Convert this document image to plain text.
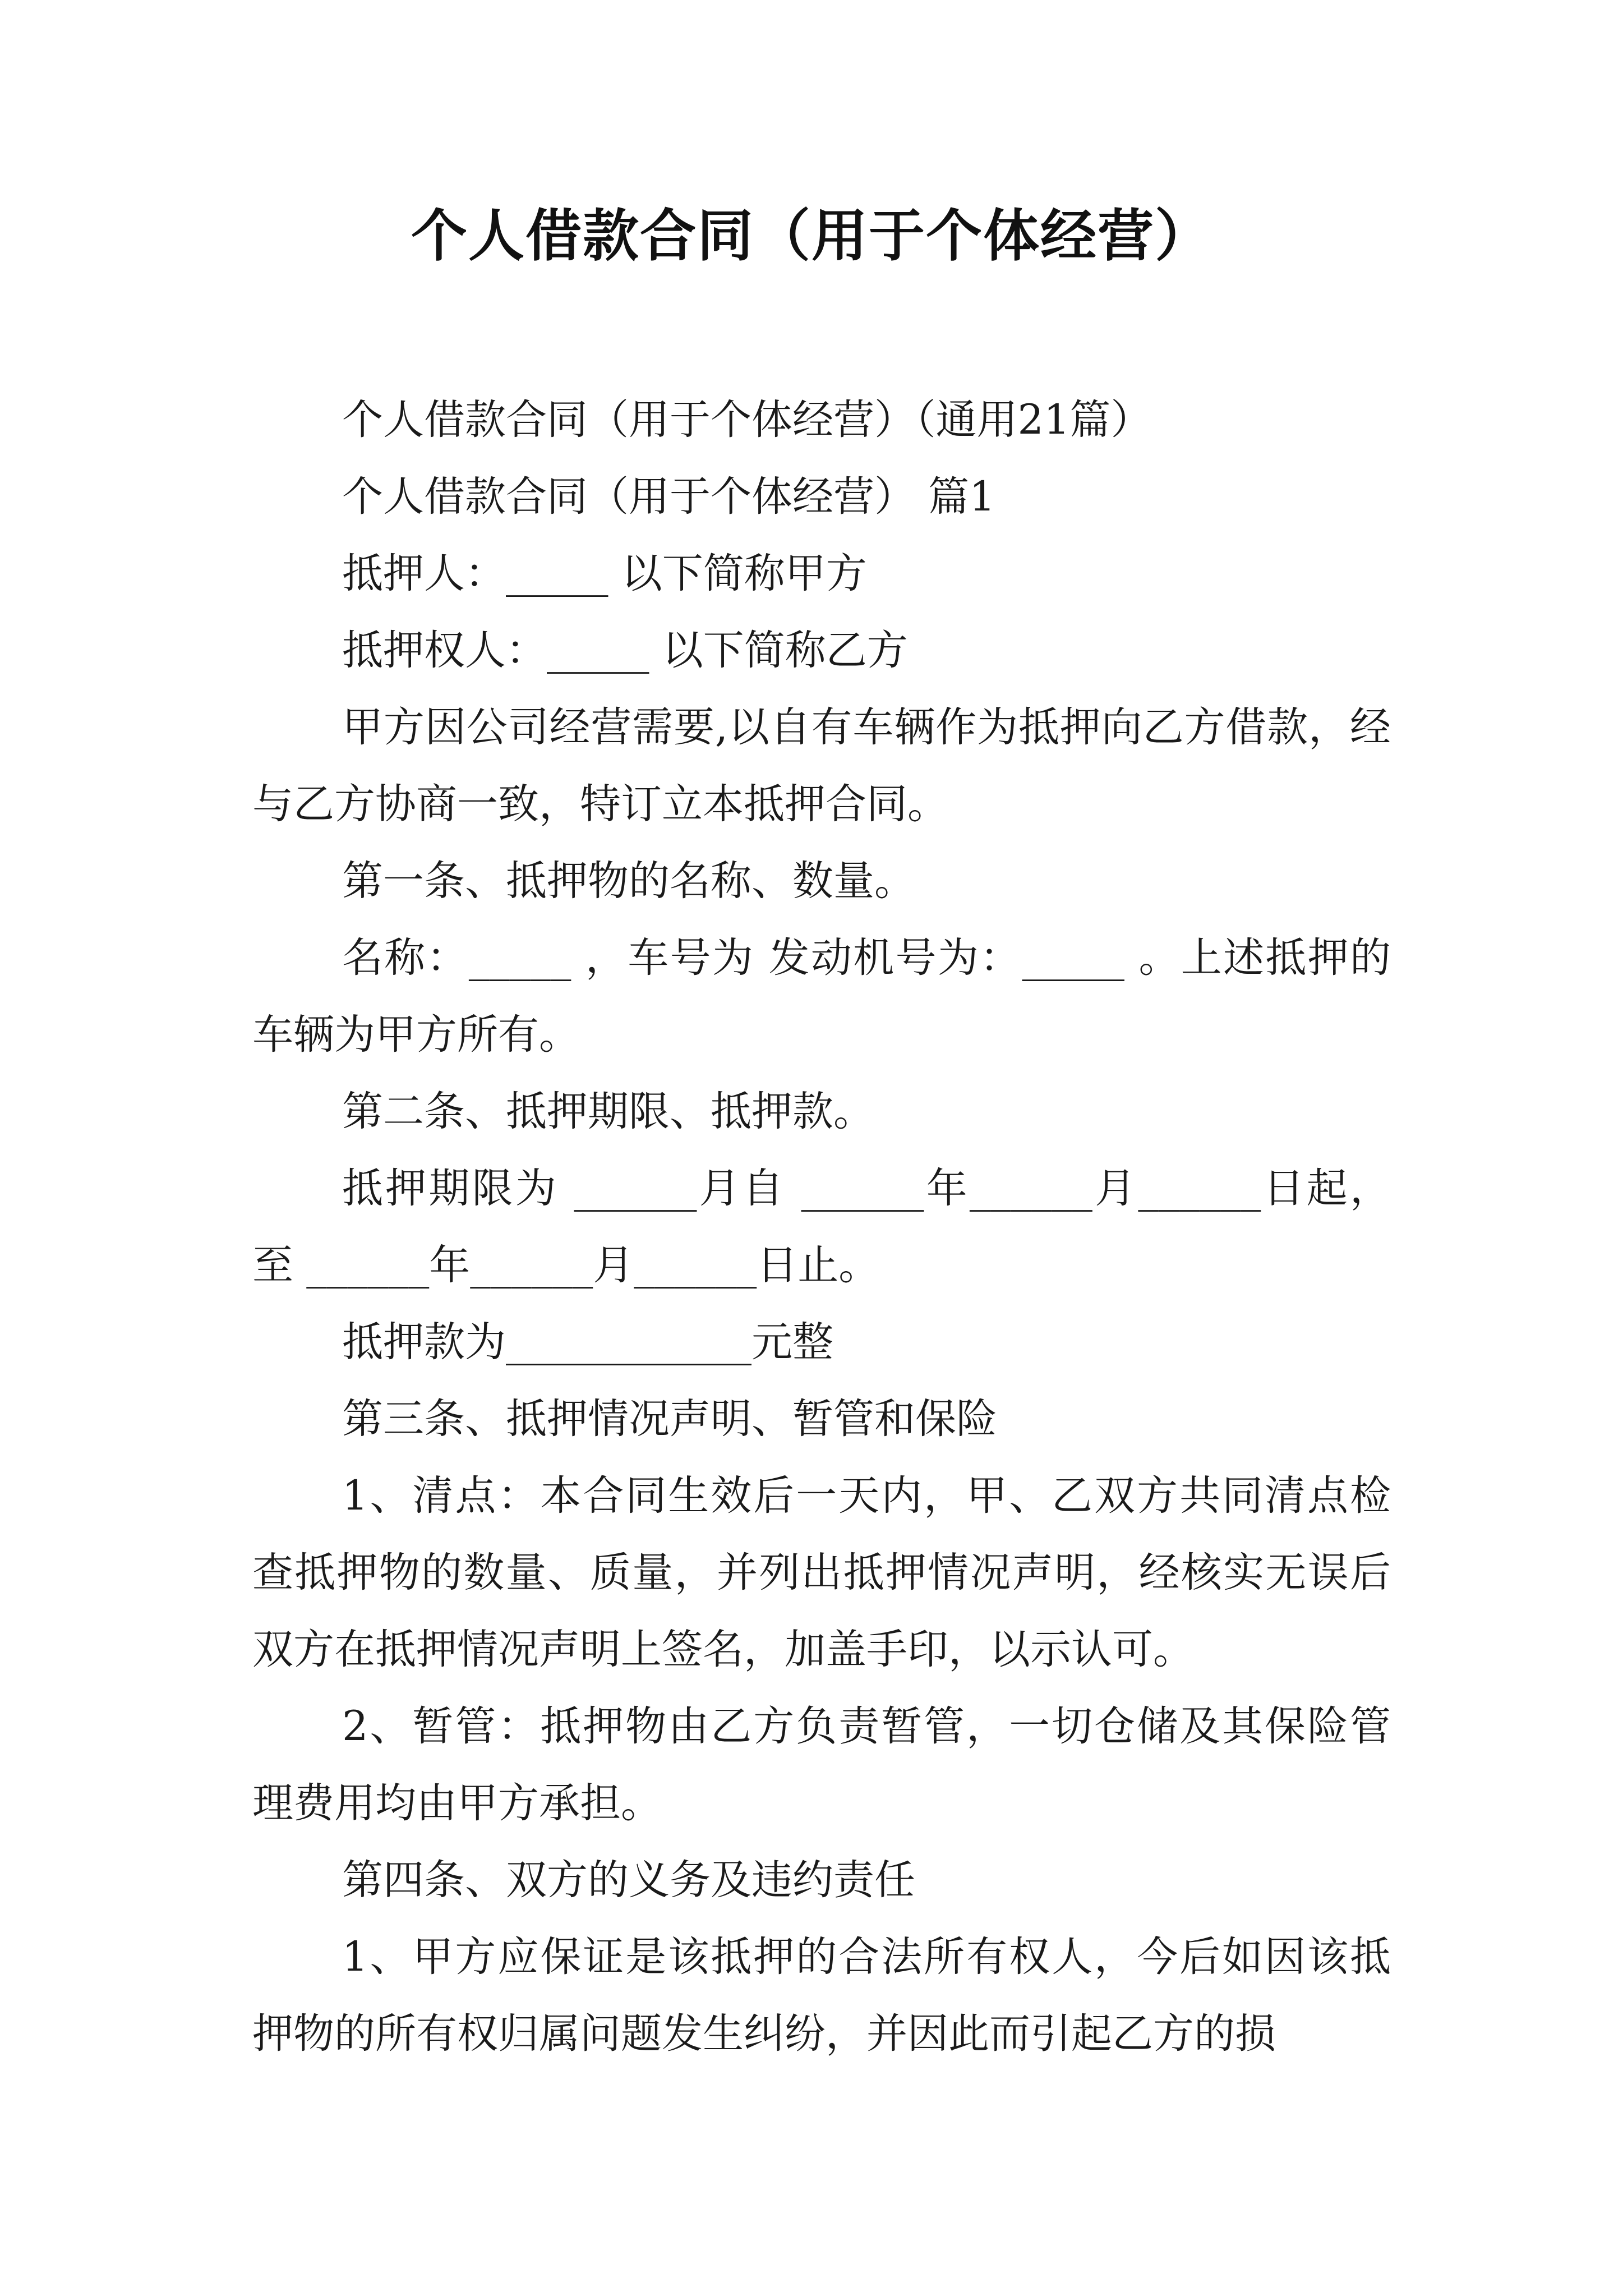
个人借款合同（用于个体经营）

个人借款合同（用于个体经营）（通用21篇）

个人借款合同（用于个体经营） 篇1

抵押人：_____ 以下简称甲方

抵押权人：_____ 以下简称乙方

甲方因公司经营需要,以自有车辆作为抵押向乙方借款，经与乙方协商一致，特订立本抵押合同。

第一条、抵押物的名称、数量。

名称：_____ ，车号为 发动机号为：_____ 。上述抵押的车辆为甲方所有。

第二条、抵押期限、抵押款。

抵押期限为 ______月自 ______年______月______日起，至 ______年______月______日止。

抵押款为____________元整

第三条、抵押情况声明、暂管和保险

1、清点：本合同生效后一天内，甲、乙双方共同清点检查抵押物的数量、质量，并列出抵押情况声明，经核实无误后双方在抵押情况声明上签名，加盖手印，以示认可。

2、暂管：抵押物由乙方负责暂管，一切仓储及其保险管理费用均由甲方承担。

第四条、双方的义务及违约责任

1、甲方应保证是该抵押的合法所有权人，今后如因该抵押物的所有权归属问题发生纠纷，并因此而引起乙方的损
